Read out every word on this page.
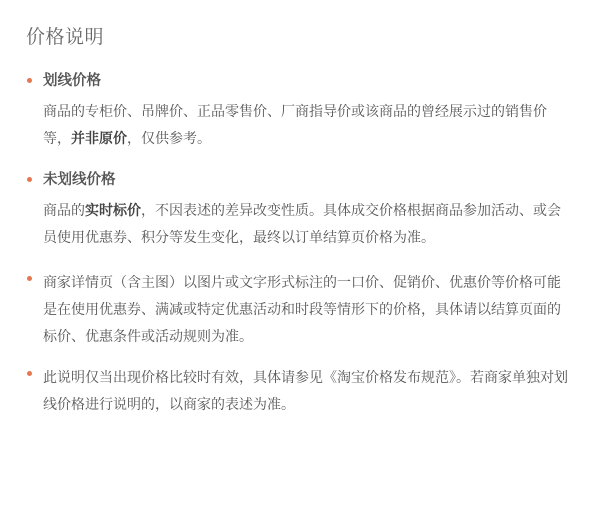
价格说明
划线价格

商品的专柜价、吊牌价、正品零售价、厂商指导价或该商品的曾经展示过的销售价等，并非原价，仅供参考。

未划线价格

商品的实时标价，不因表述的差异改变性质。具体成交价格根据商品参加活动、或会员使用优惠券、积分等发生变化，最终以订单结算页价格为准。

商家详情页（含主图）以图片或文字形式标注的一口价、促销价、优惠价等价格可能是在使用优惠券、满减或特定优惠活动和时段等情形下的价格，具体请以结算页面的标价、优惠条件或活动规则为准。

此说明仅当出现价格比较时有效，具体请参见《淘宝价格发布规范》。若商家单独对划线价格进行说明的，以商家的表述为准。
